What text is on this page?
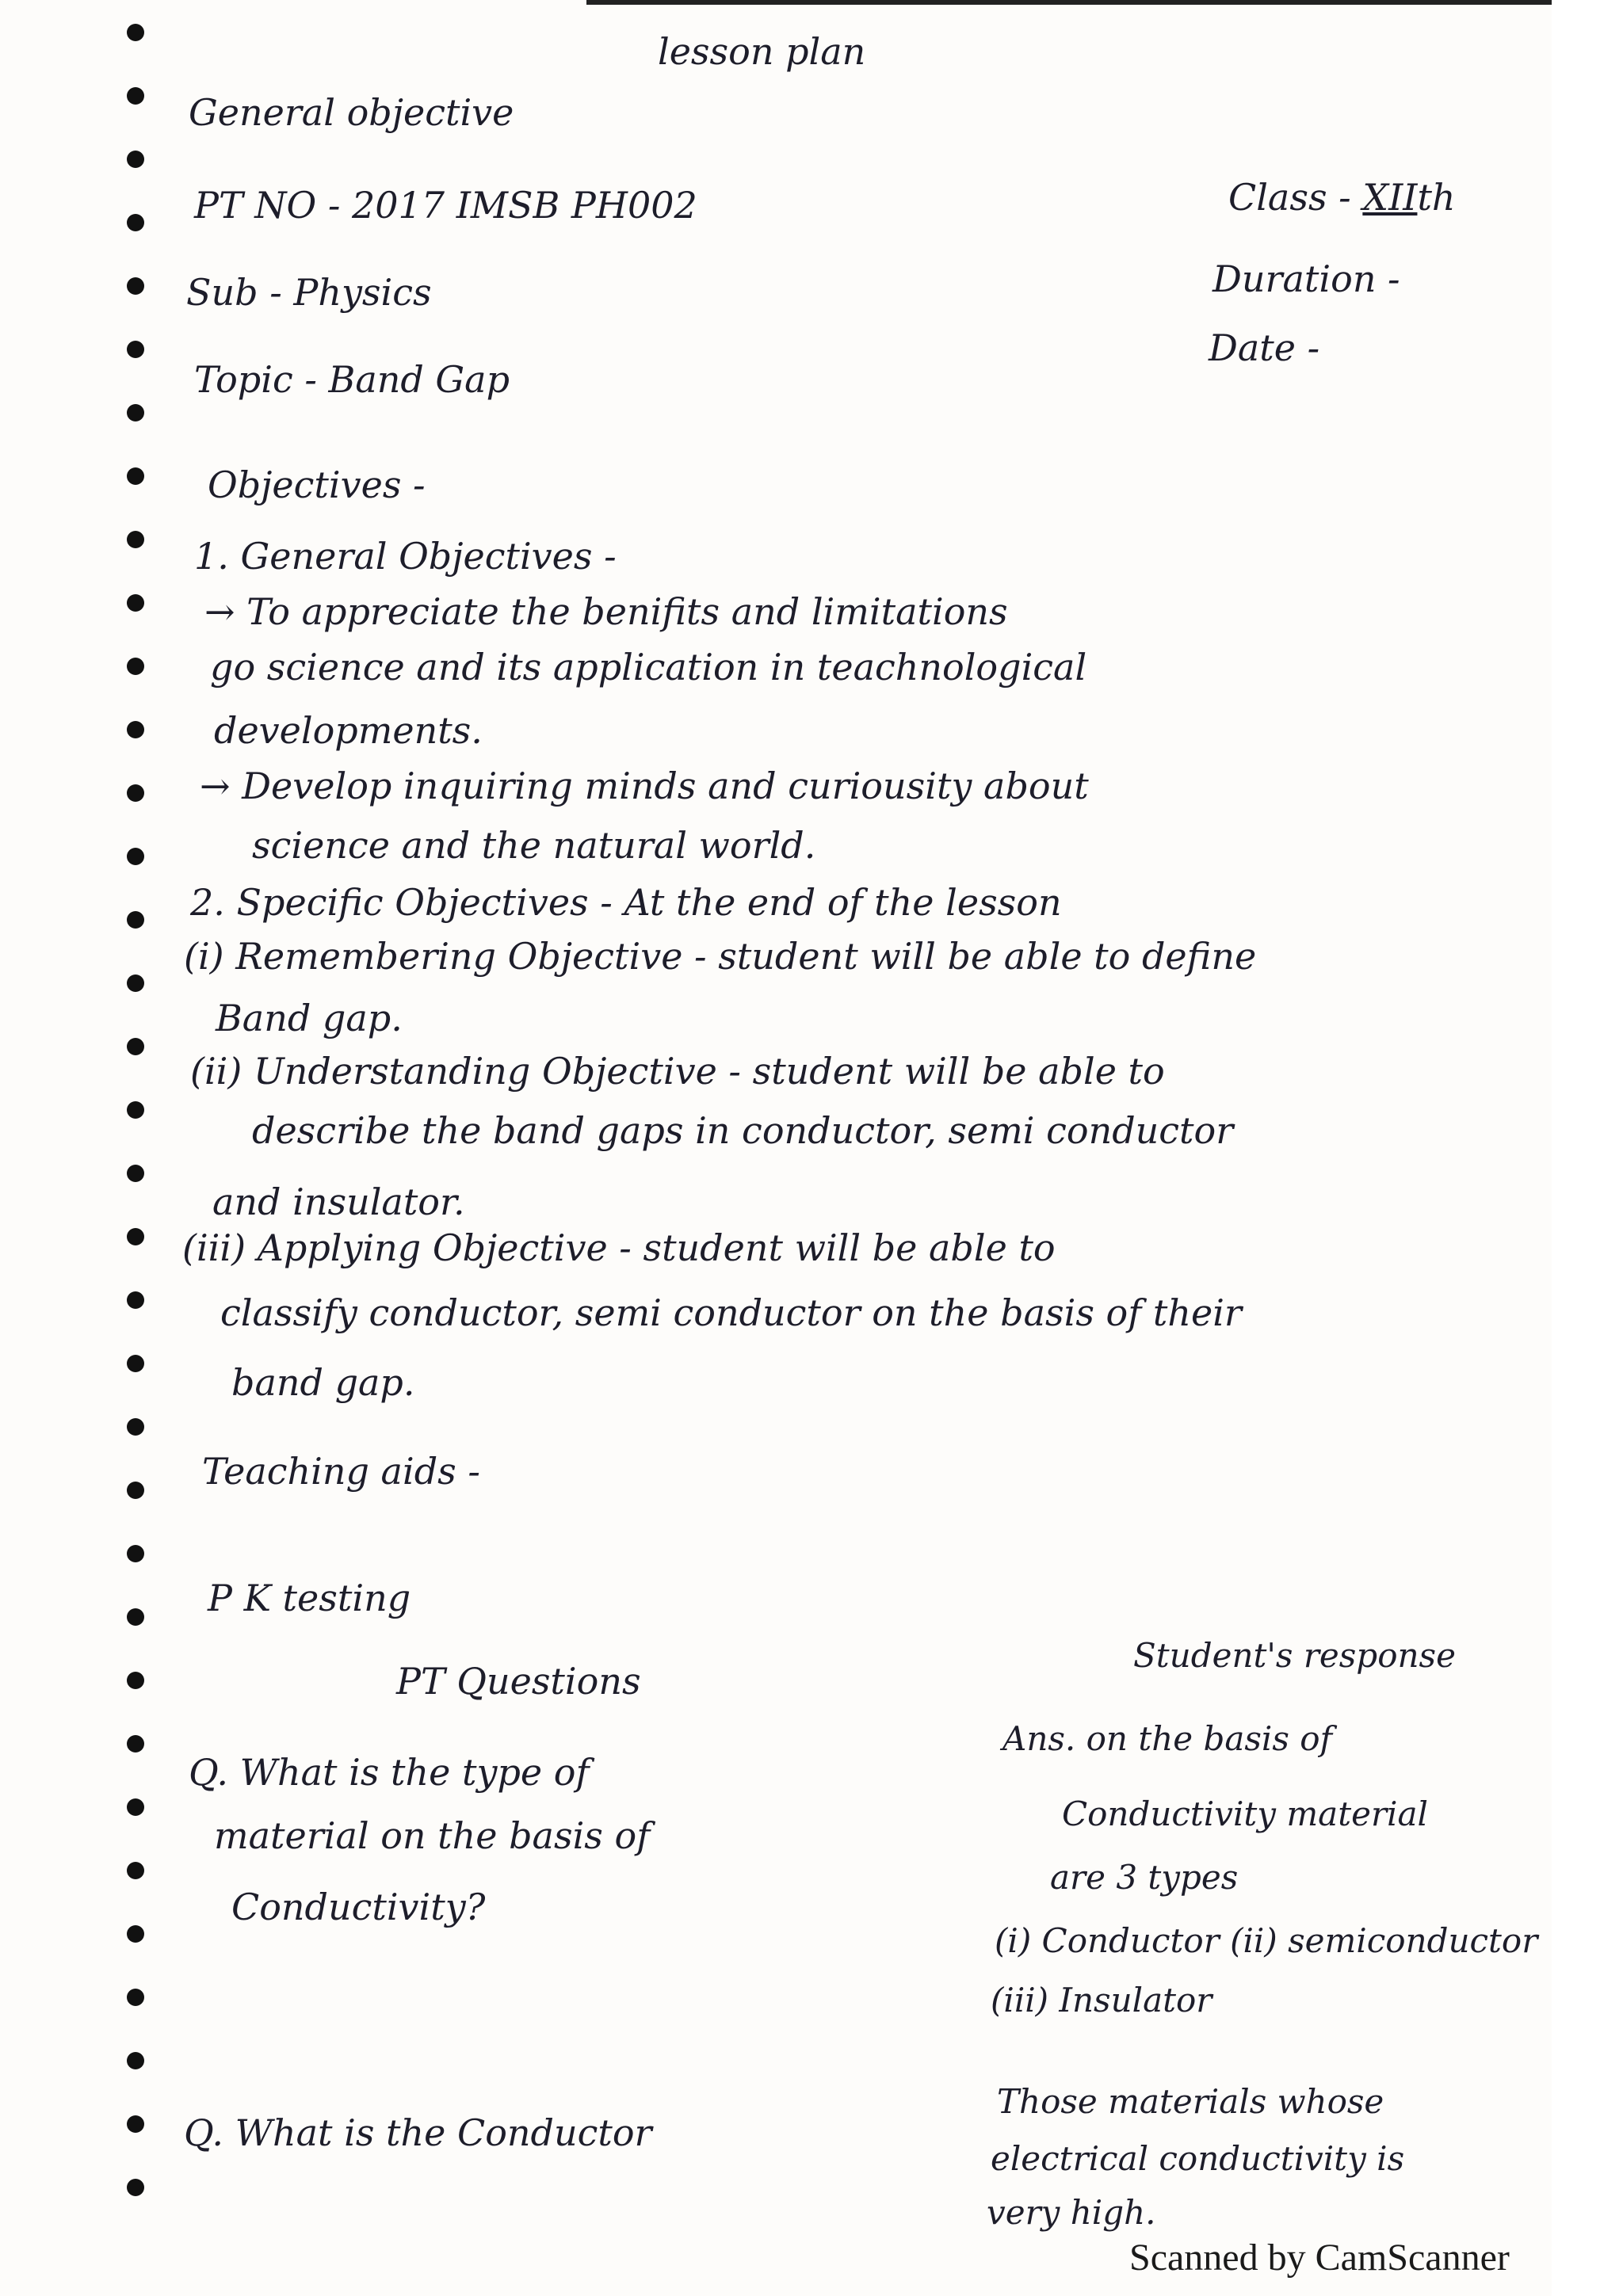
lesson plan
General objective
PT NO - 2017 IMSB PH002	Class - XIIth
Sub - Physics	Duration -
Topic - Band Gap
Date -
Objectives -
1. General Objectives -
→ To appreciate the benifits and limitations
go science and its application in teachnological
developments.
→ Develop inquiring minds and curiousity about
science and the natural world.
2. Specific Objectives - At the end of the lesson
(i) Remembering Objective - student will be able to define
Band gap.
(ii) Understanding Objective - student will be able to
describe the band gaps in conductor, semi conductor
and insulator.
(iii) Applying Objective - student will be able to
classify conductor, semi conductor on the basis of their
band gap.
Teaching aids -
P K testing
PT Questions
Student's response
Q. What is the type of
material on the basis of
Conductivity?
Ans. on the basis of
Conductivity material
are 3 types
(i) Conductor (ii) semiconductor
(iii) Insulator
Q. What is the Conductor
Those materials whose
electrical conductivity is
very high.
Scanned by CamScanner
